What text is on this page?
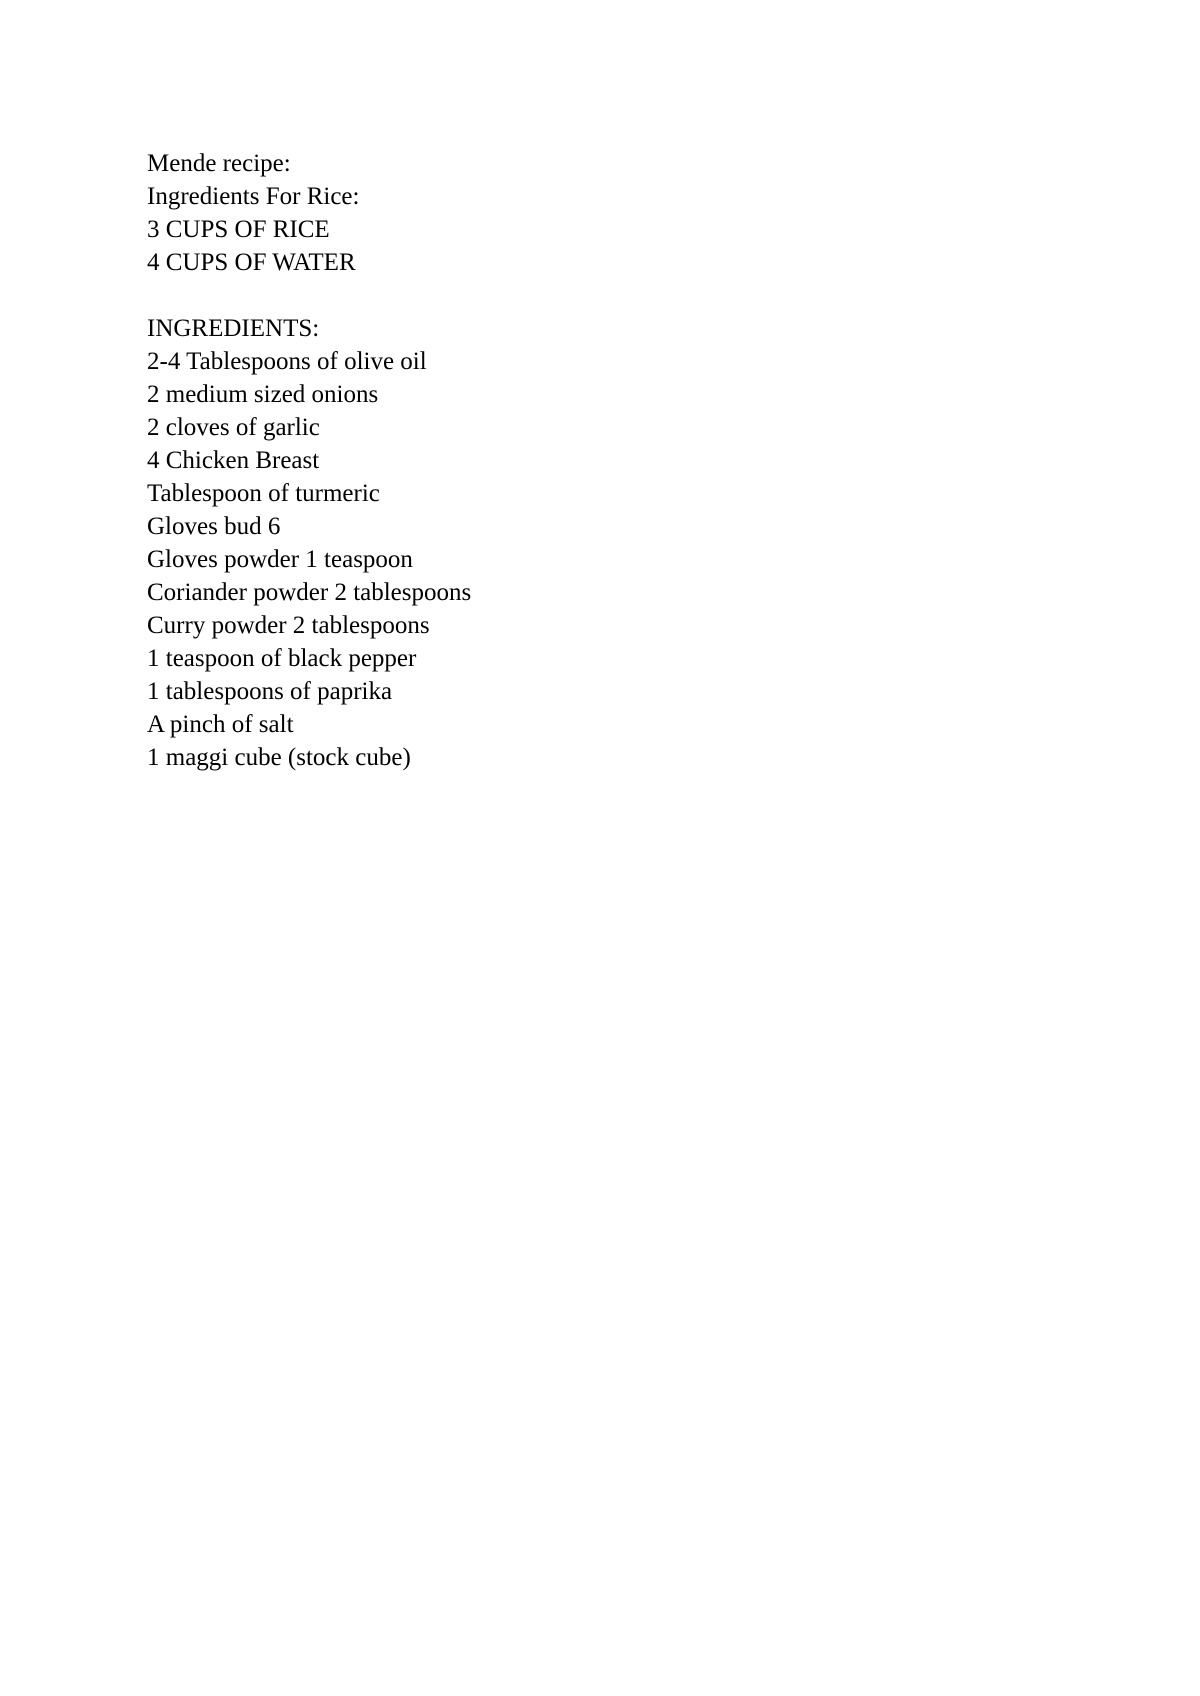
Mende recipe:
Ingredients For Rice:
3 CUPS OF RICE
4 CUPS OF WATER
INGREDIENTS:
2-4 Tablespoons of olive oil
2 medium sized onions
2 cloves of garlic
4 Chicken Breast
Tablespoon of turmeric
Gloves bud 6
Gloves powder 1 teaspoon
Coriander powder 2 tablespoons
Curry powder 2 tablespoons
1 teaspoon of black pepper
1 tablespoons of paprika
A pinch of salt
1 maggi cube (stock cube)
